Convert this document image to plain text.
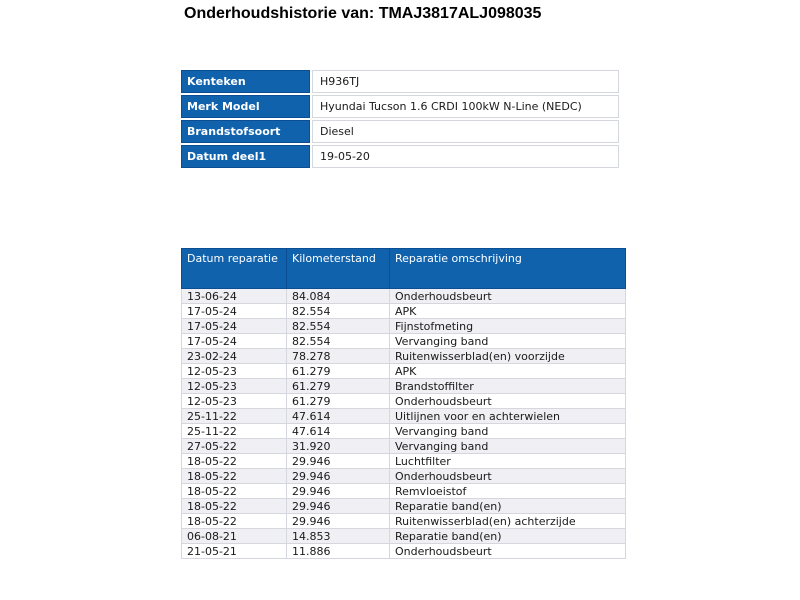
Onderhoudshistorie van: TMAJ3817ALJ098035
Kenteken	H936TJ
Merk Model	Hyundai Tucson 1.6 CRDI 100kW N-Line (NEDC)
Brandstofsoort	Diesel
Datum deel1	19-05-20
Datum reparatie	Kilometerstand	Reparatie omschrijving
13-06-24	84.084	Onderhoudsbeurt
17-05-24	82.554	APK
17-05-24	82.554	Fijnstofmeting
17-05-24	82.554	Vervanging band
23-02-24	78.278	Ruitenwisserblad(en) voorzijde
12-05-23	61.279	APK
12-05-23	61.279	Brandstoffilter
12-05-23	61.279	Onderhoudsbeurt
25-11-22	47.614	Uitlijnen voor en achterwielen
25-11-22	47.614	Vervanging band
27-05-22	31.920	Vervanging band
18-05-22	29.946	Luchtfilter
18-05-22	29.946	Onderhoudsbeurt
18-05-22	29.946	Remvloeistof
18-05-22	29.946	Reparatie band(en)
18-05-22	29.946	Ruitenwisserblad(en) achterzijde
06-08-21	14.853	Reparatie band(en)
21-05-21	11.886	Onderhoudsbeurt
